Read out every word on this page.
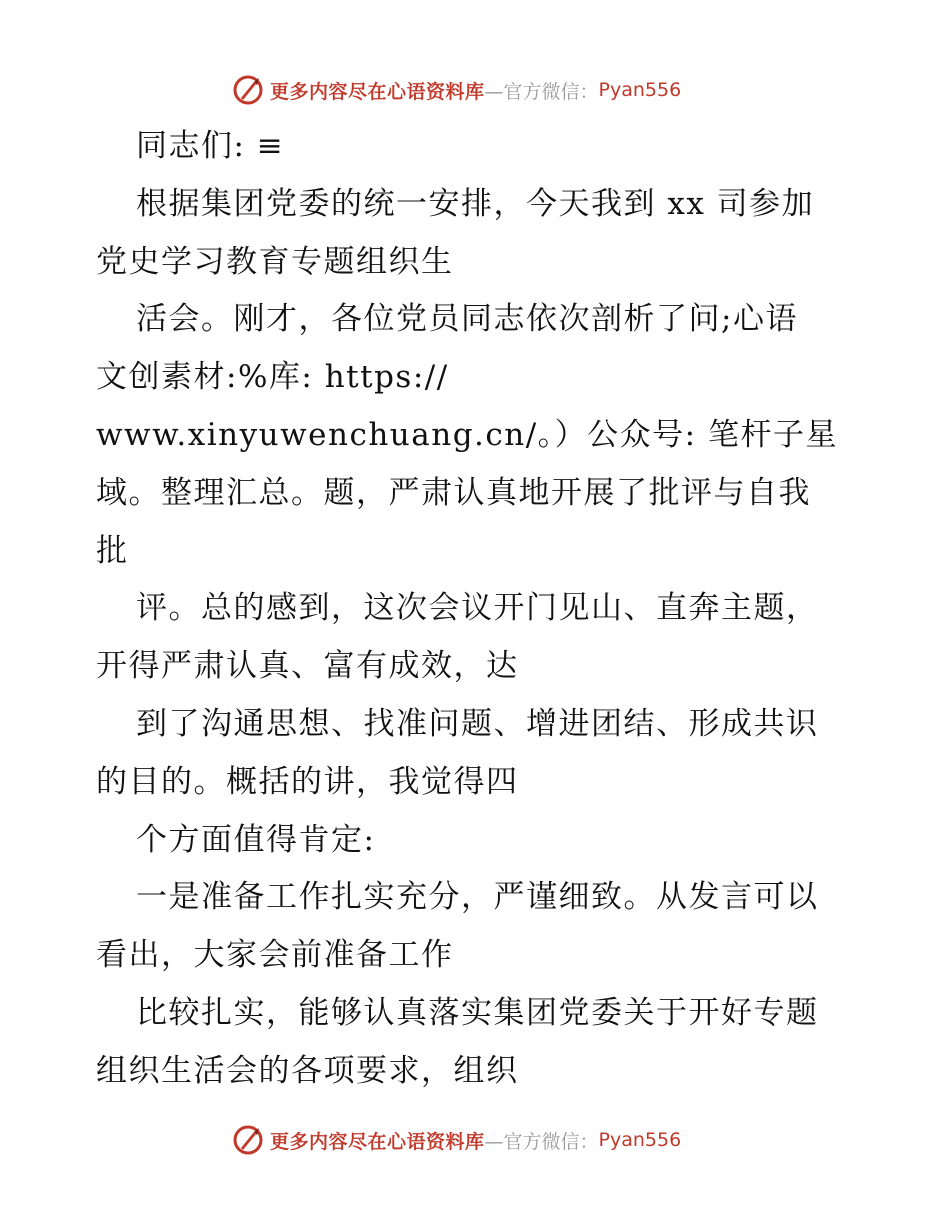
更多内容尽在心语资料库 —官方微信： Pyan556
同志们: ≡
根据集团党委的统一安排，今天我到 xx 司参加
党史学习教育专题组织生
活会。刚才，各位党员同志依次剖析了问;心语
文创素材:%库: https://
www.xinyuwenchuang.cn/。）公众号: 笔杆子星
域。整理汇总。题，严肃认真地开展了批评与自我
批
评。总的感到，这次会议开门见山、直奔主题，
开得严肃认真、富有成效，达
到了沟通思想、找准问题、增进团结、形成共识
的目的。概括的讲，我觉得四
个方面值得肯定:
一是准备工作扎实充分，严谨细致。从发言可以
看出，大家会前准备工作
比较扎实，能够认真落实集团党委关于开好专题
组织生活会的各项要求，组织
更多内容尽在心语资料库 —官方微信： Pyan556
